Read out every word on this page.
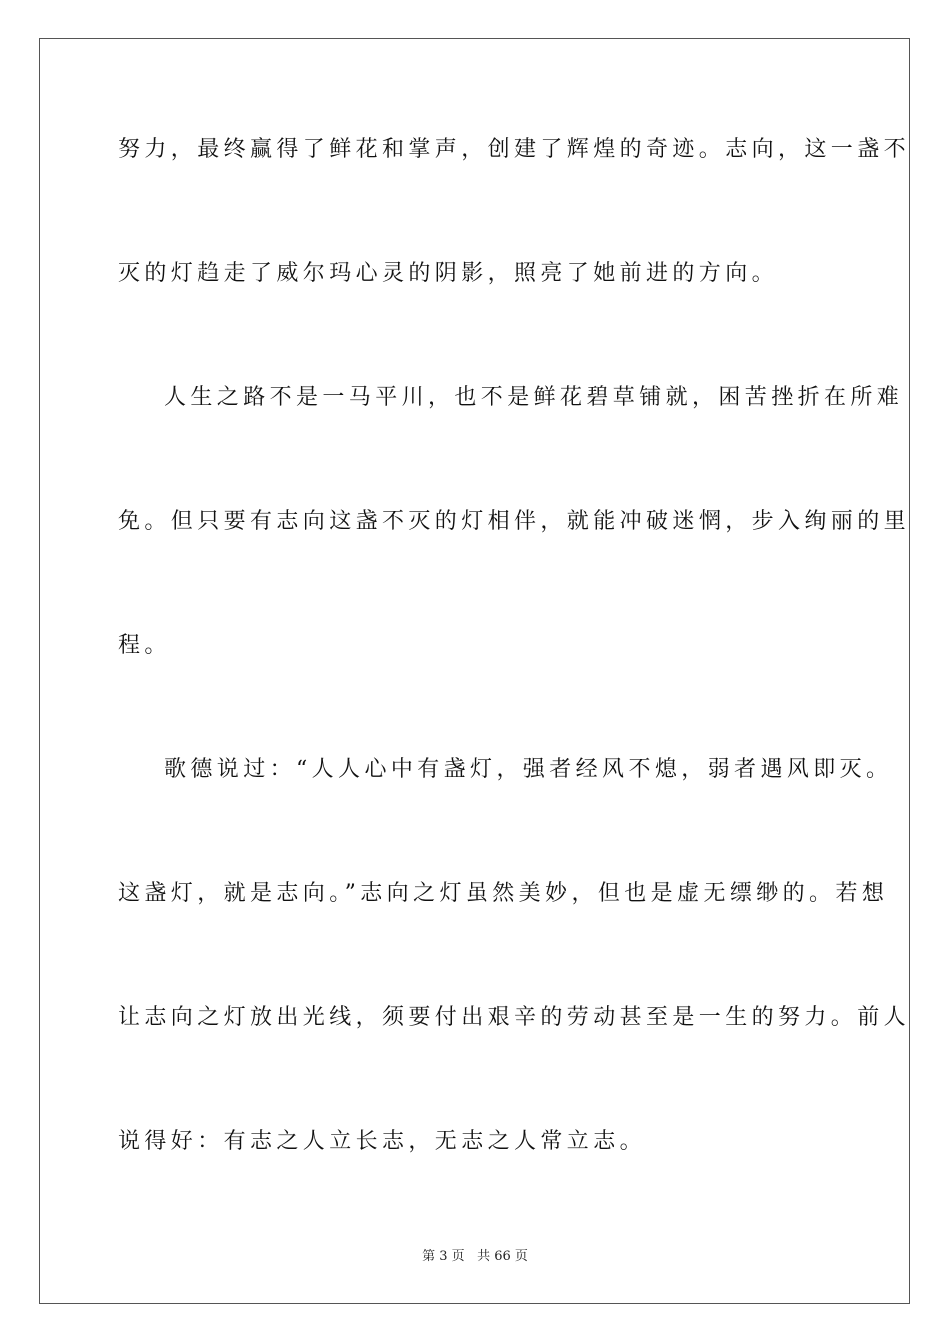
努力，最终赢得了鲜花和掌声，创建了辉煌的奇迹。志向，这一盏不
灭的灯趋走了威尔玛心灵的阴影，照亮了她前进的方向。
人生之路不是一马平川，也不是鲜花碧草铺就，困苦挫折在所难
免。但只要有志向这盏不灭的灯相伴，就能冲破迷惘，步入绚丽的里
程。
歌德说过：“人人心中有盏灯，强者经风不熄，弱者遇风即灭。
这盏灯，就是志向。”志向之灯虽然美妙，但也是虚无缥缈的。若想
让志向之灯放出光线，须要付出艰辛的劳动甚至是一生的努力。前人
说得好：有志之人立长志，无志之人常立志。
第 3 页 共 66 页
